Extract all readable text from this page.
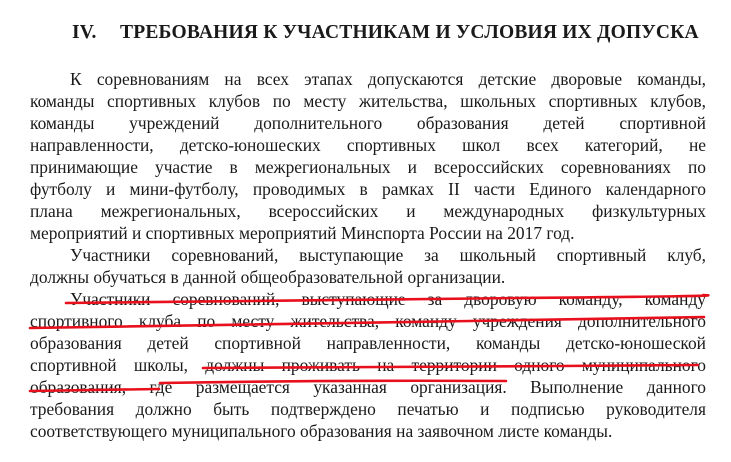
IV. ТРЕБОВАНИЯ К УЧАСТНИКАМ И УСЛОВИЯ ИХ ДОПУСКА
К соревнованиям на всех этапах допускаются детские дворовые команды,
команды спортивных клубов по месту жительства, школьных спортивных клубов,
команды учреждений дополнительного образования детей спортивной
направленности, детско-юношеских спортивных школ всех категорий, не
принимающие участие в межрегиональных и всероссийских соревнованиях по
футболу и мини-футболу, проводимых в рамках II части Единого календарного
плана межрегиональных, всероссийских и международных физкультурных
мероприятий и спортивных мероприятий Минспорта России на 2017 год.
Участники соревнований, выступающие за школьный спортивный клуб,
должны обучаться в данной общеобразовательной организации.
Участники соревнований, выступающие за дворовую команду, команду
спортивного клуба по месту жительства, команду учреждения дополнительного
образования детей спортивной направленности, команды детско-юношеской
спортивной школы, должны проживать на территории одного муниципального
образования, где размещается указанная организация. Выполнение данного
требования должно быть подтверждено печатью и подписью руководителя
соответствующего муниципального образования на заявочном листе команды.
